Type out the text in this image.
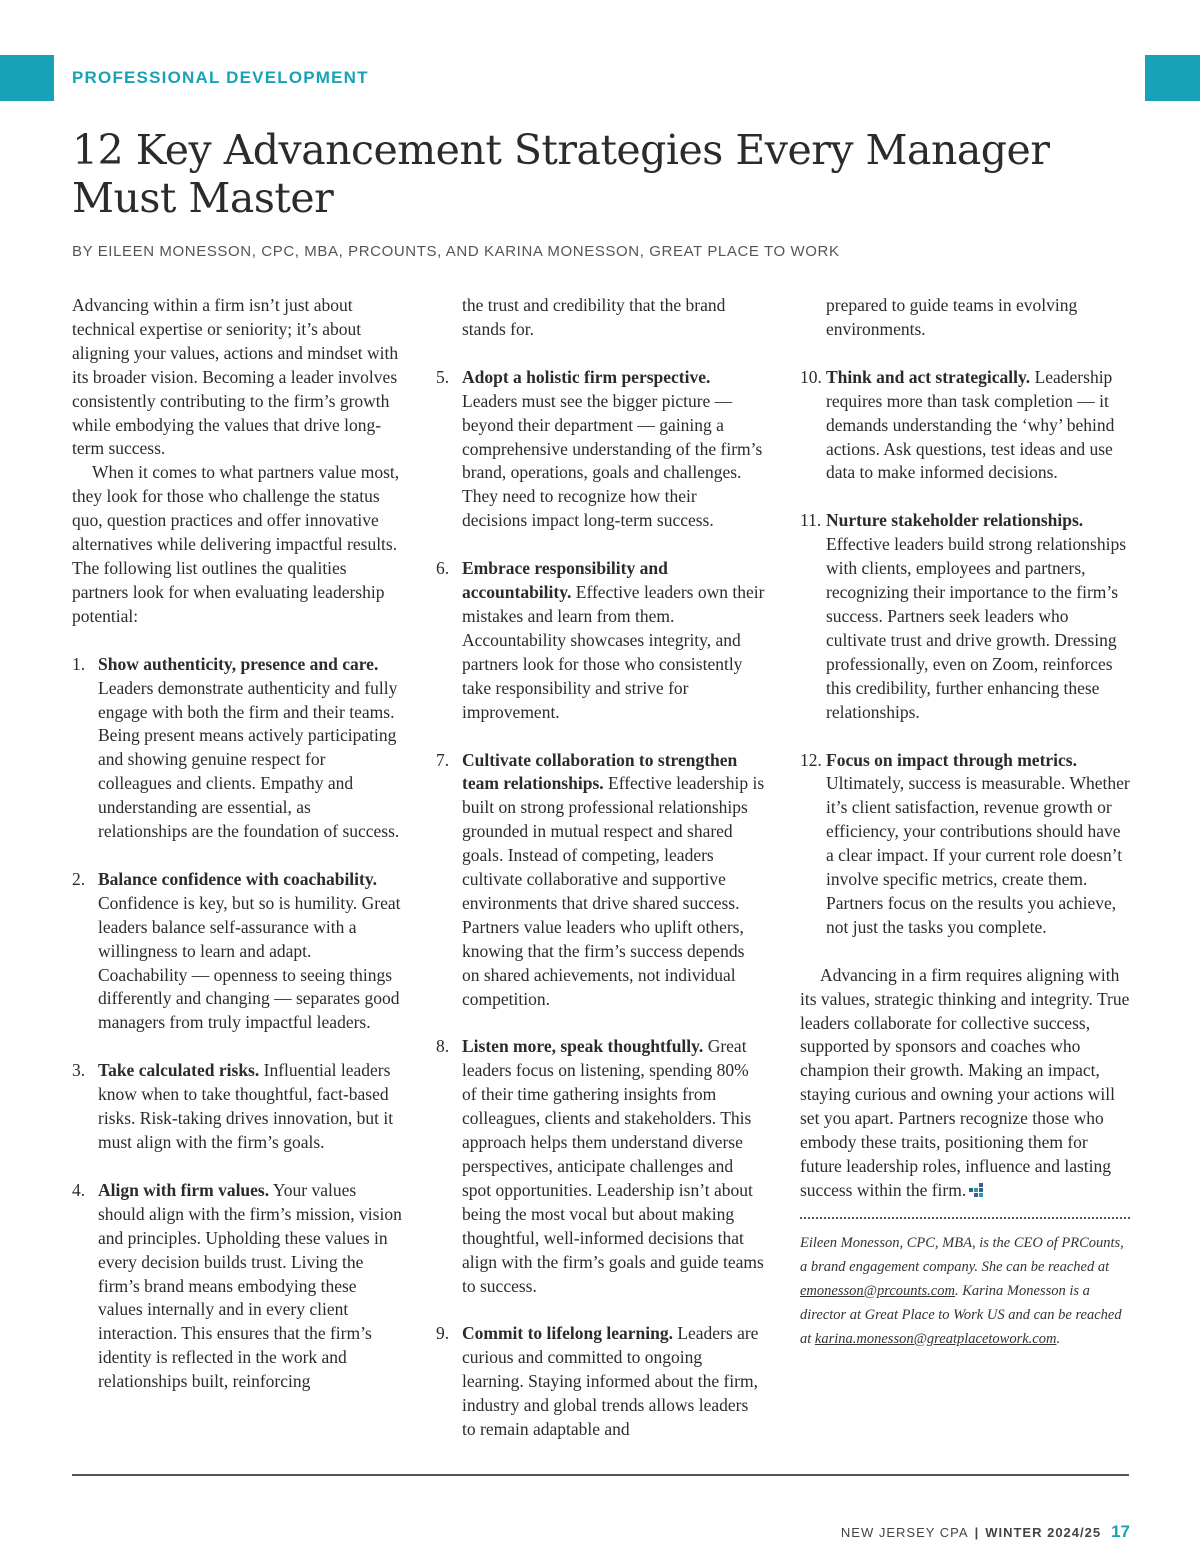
PROFESSIONAL DEVELOPMENT
12 Key Advancement Strategies Every Manager
Must Master
BY EILEEN MONESSON, CPC, MBA, PRCOUNTS, AND KARINA MONESSON, GREAT PLACE TO WORK

Advancing within a firm isn’t just about technical expertise or seniority; it’s about aligning your values, actions and mindset with its broader vision. Becoming a leader involves consistently contributing to the firm’s growth while embodying the values that drive long-term success.

When it comes to what partners value most, they look for those who challenge the status quo, question practices and offer innovative alternatives while delivering impactful results. The following list outlines the qualities partners look for when evaluating leadership potential:

1. Show authenticity, presence and care. Leaders demonstrate authenticity and fully engage with both the firm and their teams. Being present means actively participating and showing genuine respect for colleagues and clients. Empathy and understanding are essential, as relationships are the foundation of success.

2. Balance confidence with coachability. Confidence is key, but so is humility. Great leaders balance self-assurance with a willingness to learn and adapt. Coachability — openness to seeing things differently and changing — separates good managers from truly impactful leaders.

3. Take calculated risks. Influential leaders know when to take thoughtful, fact-based risks. Risk-taking drives innovation, but it must align with the firm’s goals.

4. Align with firm values. Your values should align with the firm’s mission, vision and principles. Upholding these values in every decision builds trust. Living the firm’s brand means embodying these values internally and in every client interaction. This ensures that the firm’s identity is reflected in the work and relationships built, reinforcing

the trust and credibility that the brand stands for.

5. Adopt a holistic firm perspective. Leaders must see the bigger picture — beyond their department — gaining a comprehensive understanding of the firm’s brand, operations, goals and challenges. They need to recognize how their decisions impact long-term success.

6. Embrace responsibility and accountability. Effective leaders own their mistakes and learn from them. Accountability showcases integrity, and partners look for those who consistently take responsibility and strive for improvement.

7. Cultivate collaboration to strengthen team relationships. Effective leadership is built on strong professional relationships grounded in mutual respect and shared goals. Instead of competing, leaders cultivate collaborative and supportive environments that drive shared success. Partners value leaders who uplift others, knowing that the firm’s success depends on shared achievements, not individual competition.

8. Listen more, speak thoughtfully. Great leaders focus on listening, spending 80% of their time gathering insights from colleagues, clients and stakeholders. This approach helps them understand diverse perspectives, anticipate challenges and spot opportunities. Leadership isn’t about being the most vocal but about making thoughtful, well-informed decisions that align with the firm’s goals and guide teams to success.

9. Commit to lifelong learning. Leaders are curious and committed to ongoing learning. Staying informed about the firm, industry and global trends allows leaders to remain adaptable and

prepared to guide teams in evolving environments.

10. Think and act strategically. Leadership requires more than task completion — it demands understanding the ‘why’ behind actions. Ask questions, test ideas and use data to make informed decisions.

11. Nurture stakeholder relationships. Effective leaders build strong relationships with clients, employees and partners, recognizing their importance to the firm’s success. Partners seek leaders who cultivate trust and drive growth. Dressing professionally, even on Zoom, reinforces this credibility, further enhancing these relationships.

12. Focus on impact through metrics. Ultimately, success is measurable. Whether it’s client satisfaction, revenue growth or efficiency, your contributions should have a clear impact. If your current role doesn’t involve specific metrics, create them. Partners focus on the results you achieve, not just the tasks you complete.

Advancing in a firm requires aligning with its values, strategic thinking and integrity. True leaders collaborate for collective success, supported by sponsors and coaches who champion their growth. Making an impact, staying curious and owning your actions will set you apart. Partners recognize those who embody these traits, positioning them for future leadership roles, influence and lasting success within the firm.

Eileen Monesson, CPC, MBA, is the CEO of PRCounts, a brand engagement company. She can be reached at emonesson@prcounts.com. Karina Monesson is a director at Great Place to Work US and can be reached at karina.monesson@greatplacetowork.com.

NEW JERSEY CPA | WINTER 2024/25 17
